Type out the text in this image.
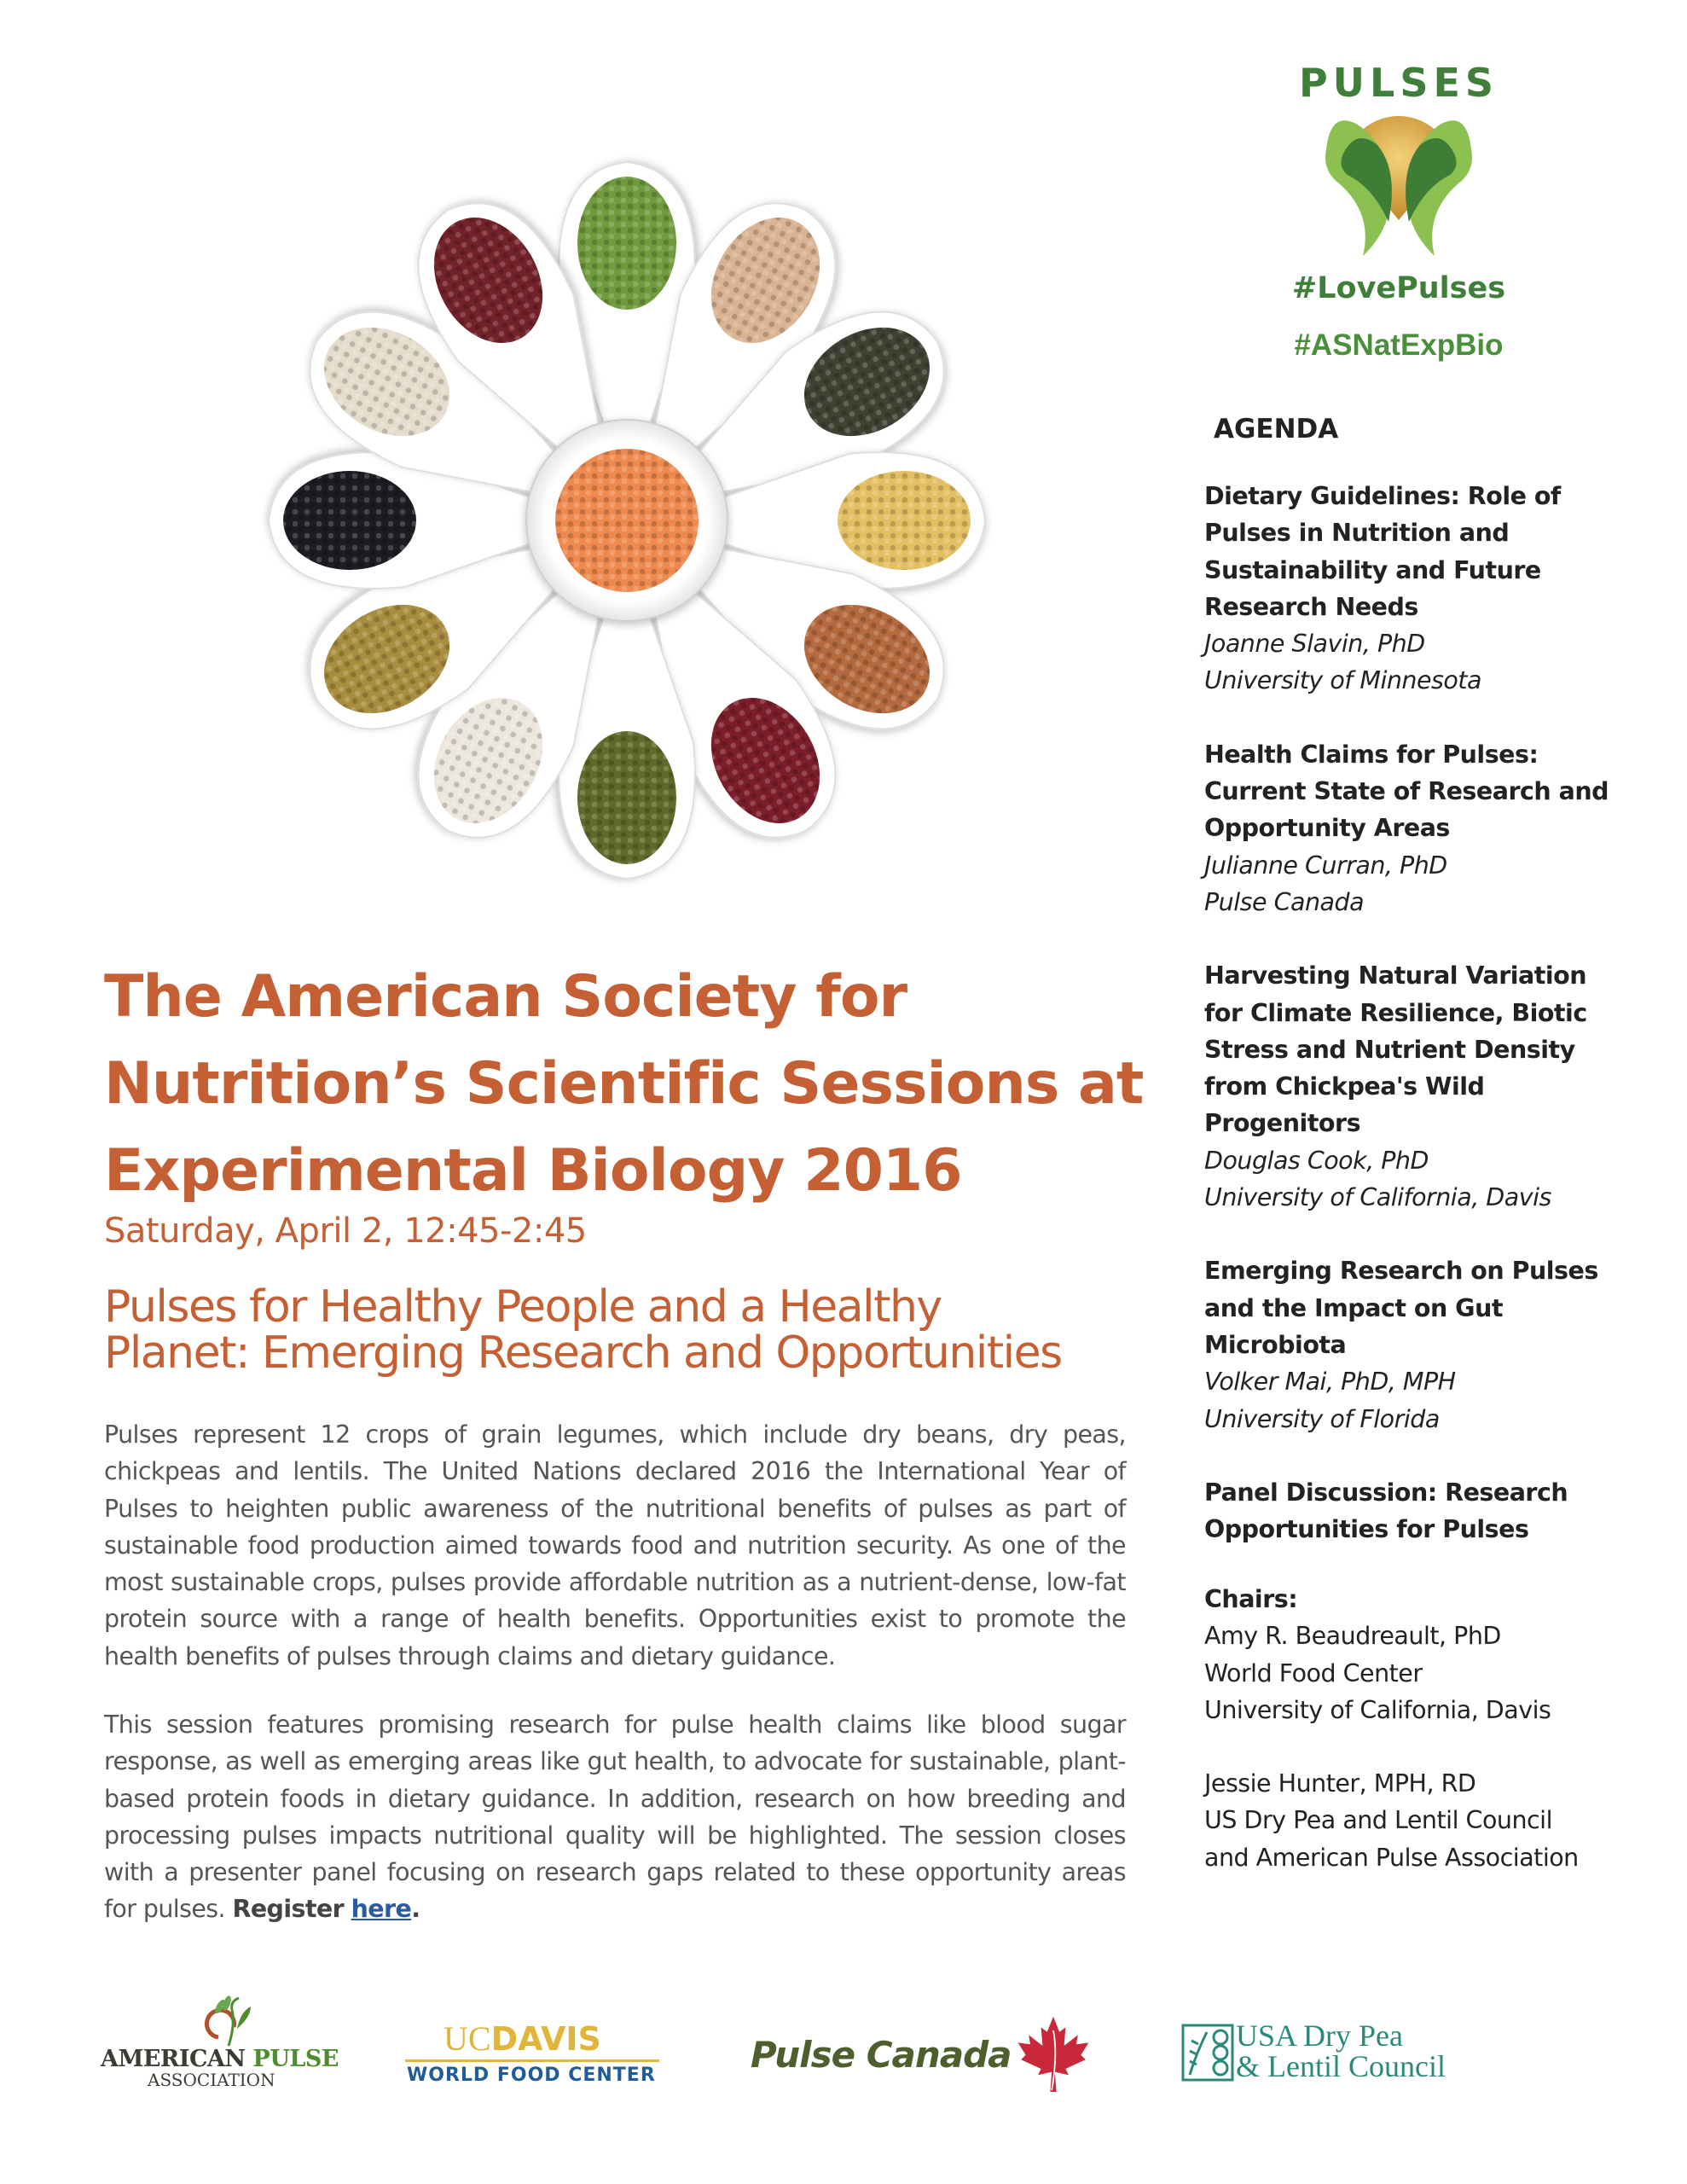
The American Society for
Nutrition’s Scientific Sessions at
Experimental Biology 2016
Saturday, April 2, 12:45-2:45
Pulses for Healthy People and a Healthy
Planet: Emerging Research and Opportunities

Pulses represent 12 crops of grain legumes, which include dry beans, dry peas, chickpeas and lentils. The United Nations declared 2016 the International Year of Pulses to heighten public awareness of the nutritional benefits of pulses as part of sustainable food production aimed towards food and nutrition security. As one of the most sustainable crops, pulses provide affordable nutrition as a nutrient-dense, low-fat protein source with a range of health benefits. Opportunities exist to promote the health benefits of pulses through claims and dietary guidance.

This session features promising research for pulse health claims like blood sugar response, as well as emerging areas like gut health, to advocate for sustainable, plant-based protein foods in dietary guidance. In addition, research on how breeding and processing pulses impacts nutritional quality will be highlighted. The session closes with a presenter panel focusing on research gaps related to these opportunity areas for pulses. Register here.

PULSES
#LovePulses
#ASNatExpBio
AGENDA
Dietary Guidelines: Role of
Pulses in Nutrition and
Sustainability and Future
Research Needs
Joanne Slavin, PhD
University of Minnesota
Health Claims for Pulses:
Current State of Research and
Opportunity Areas
Julianne Curran, PhD
Pulse Canada
Harvesting Natural Variation
for Climate Resilience, Biotic
Stress and Nutrient Density
from Chickpea's Wild
Progenitors
Douglas Cook, PhD
University of California, Davis
Emerging Research on Pulses
and the Impact on Gut
Microbiota
Volker Mai, PhD, MPH
University of Florida
Panel Discussion: Research
Opportunities for Pulses
Chairs:
Amy R. Beaudreault, PhD
World Food Center
University of California, Davis
Jessie Hunter, MPH, RD
US Dry Pea and Lentil Council
and American Pulse Association
AMERICAN PULSE
ASSOCIATION
UCDAVIS
WORLD FOOD CENTER	Pulse Canada	USA Dry Pea
& Lentil Council
